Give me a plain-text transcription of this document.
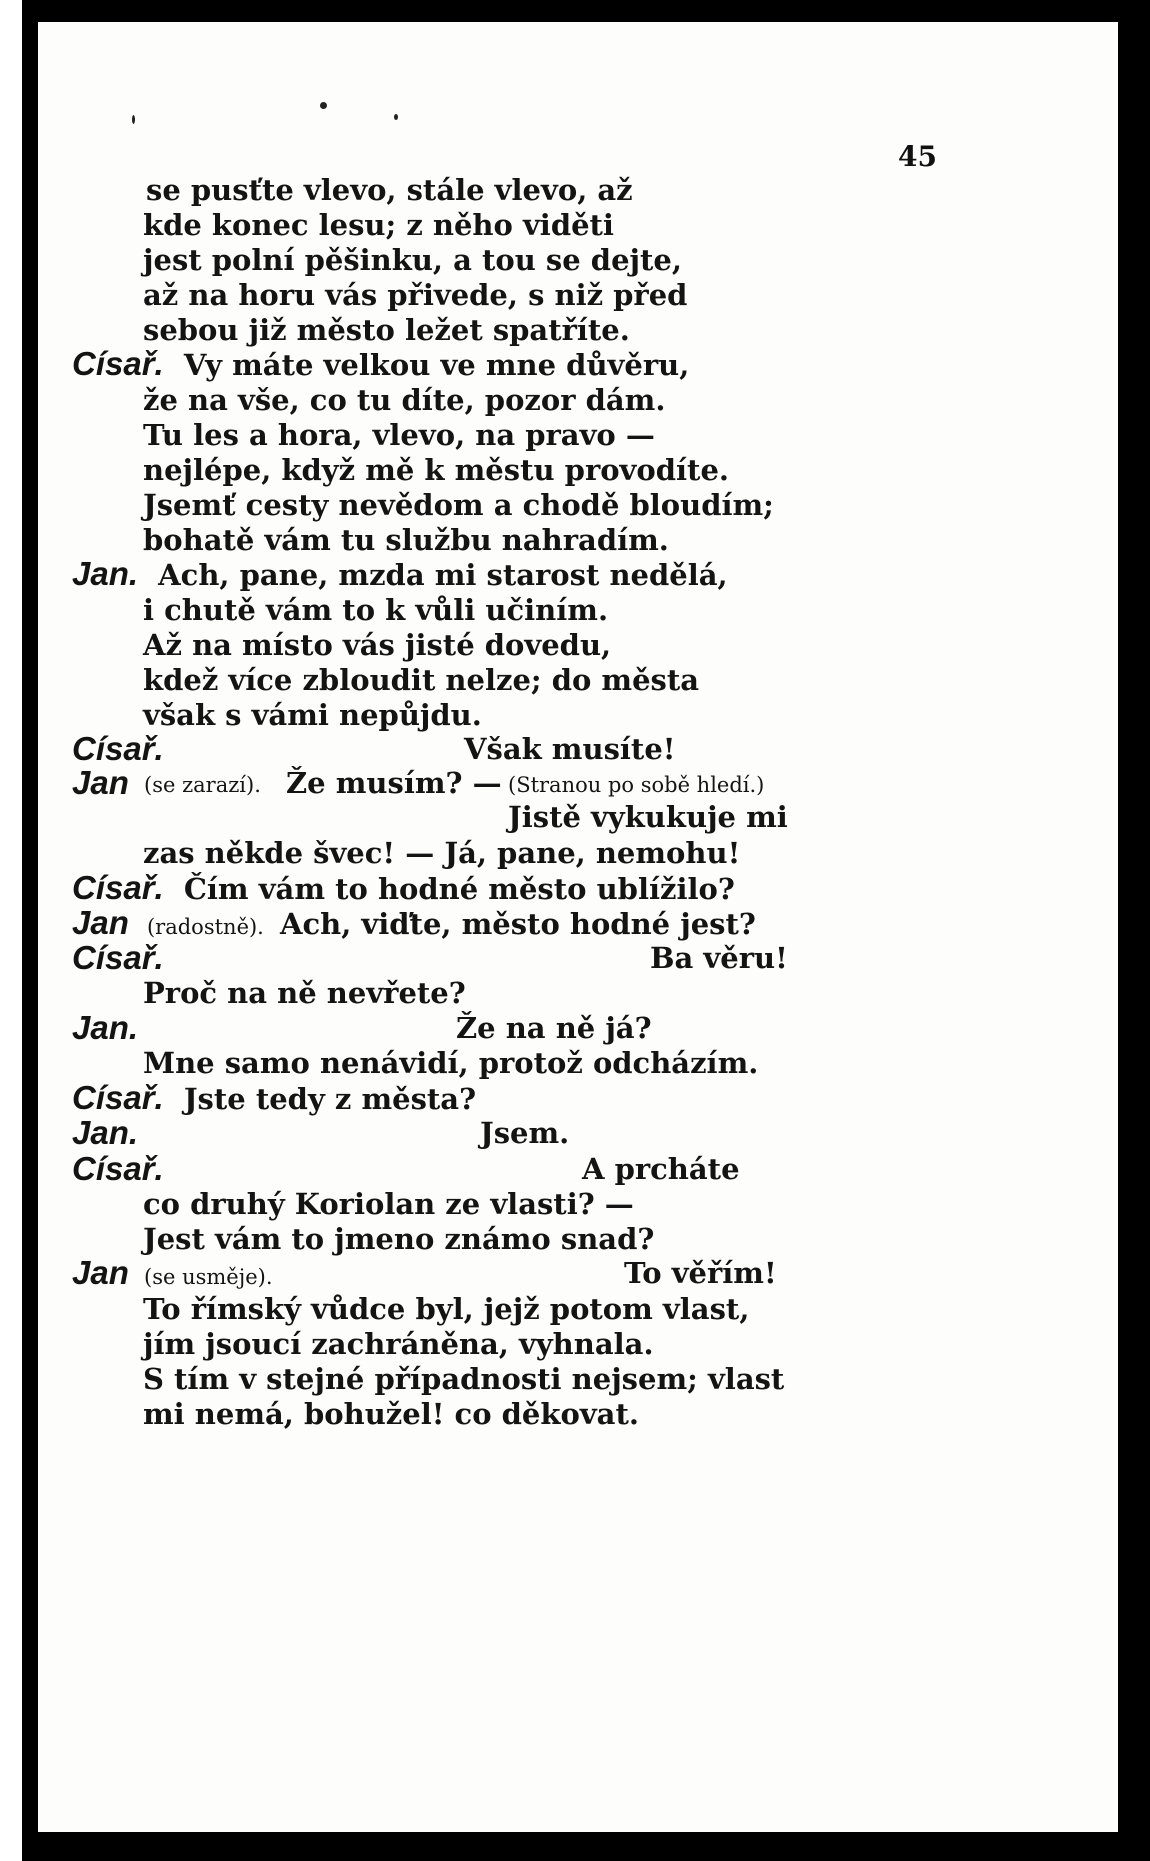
45
se pusťte vlevo, stále vlevo, až
kde konec lesu; z něho viděti
jest polní pěšinku, a tou se dejte,
až na horu vás přivede, s niž před
sebou již město ležet spatříte.
Císař. Vy máte velkou ve mne důvěru,
že na vše, co tu díte, pozor dám.
Tu les a hora, vlevo, na pravo —
nejlépe, když mě k městu provodíte.
Jsemť cesty nevědom a chodě bloudím;
bohatě vám tu službu nahradím.
Jan. Ach, pane, mzda mi starost nedělá,
i chutě vám to k vůli učiním.
Až na místo vás jisté dovedu,
kdež více zbloudit nelze; do města
však s vámi nepůjdu.
Císař.	Však musíte!
Jan (se zarazí). Že musím? — (Stranou po sobě hledí.)
Jistě vykukuje mi
zas někde švec! — Já, pane, nemohu!
Císař. Čím vám to hodné město ublížilo?
Jan (radostně). Ach, viďte, město hodné jest?
Císař.	Ba věru!
Proč na ně nevřete?
Jan.	Že na ně já?
Mne samo nenávidí, protož odcházím.
Císař. Jste tedy z města?
Jan.	Jsem.
Císař.	A prcháte
co druhý Koriolan ze vlasti? —
Jest vám to jmeno známo snad?
Jan (se usměje).	To věřím!
To římský vůdce byl, jejž potom vlast,
jím jsoucí zachráněna, vyhnala.
S tím v stejné případnosti nejsem; vlast
mi nemá, bohužel! co děkovat.
